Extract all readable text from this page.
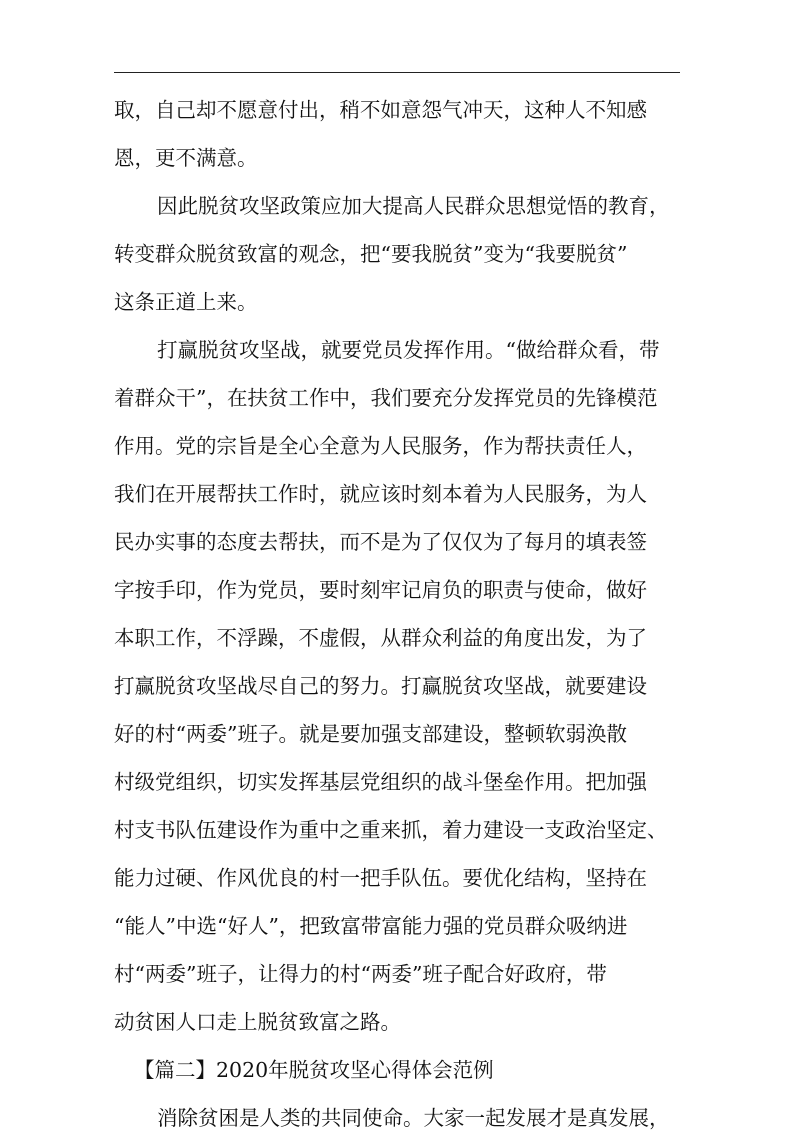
取，自己却不愿意付出，稍不如意怨气冲天，这种人不知感
恩，更不满意。
因此脱贫攻坚政策应加大提高人民群众思想觉悟的教育，
转变群众脱贫致富的观念，把“要我脱贫”变为“我要脱贫”
这条正道上来。
打赢脱贫攻坚战，就要党员发挥作用。“做给群众看，带
着群众干”，在扶贫工作中，我们要充分发挥党员的先锋模范
作用。党的宗旨是全心全意为人民服务，作为帮扶责任人，
我们在开展帮扶工作时，就应该时刻本着为人民服务，为人
民办实事的态度去帮扶，而不是为了仅仅为了每月的填表签
字按手印，作为党员，要时刻牢记肩负的职责与使命，做好
本职工作，不浮躁，不虚假，从群众利益的角度出发，为了
打赢脱贫攻坚战尽自己的努力。打赢脱贫攻坚战，就要建设
好的村“两委”班子。就是要加强支部建设，整顿软弱涣散
村级党组织，切实发挥基层党组织的战斗堡垒作用。把加强
村支书队伍建设作为重中之重来抓，着力建设一支政治坚定、
能力过硬、作风优良的村一把手队伍。要优化结构，坚持在
“能人”中选“好人”，把致富带富能力强的党员群众吸纳进
村“两委”班子，让得力的村“两委”班子配合好政府，带
动贫困人口走上脱贫致富之路。
【篇二】2020年脱贫攻坚心得体会范例
消除贫困是人类的共同使命。大家一起发展才是真发展，
